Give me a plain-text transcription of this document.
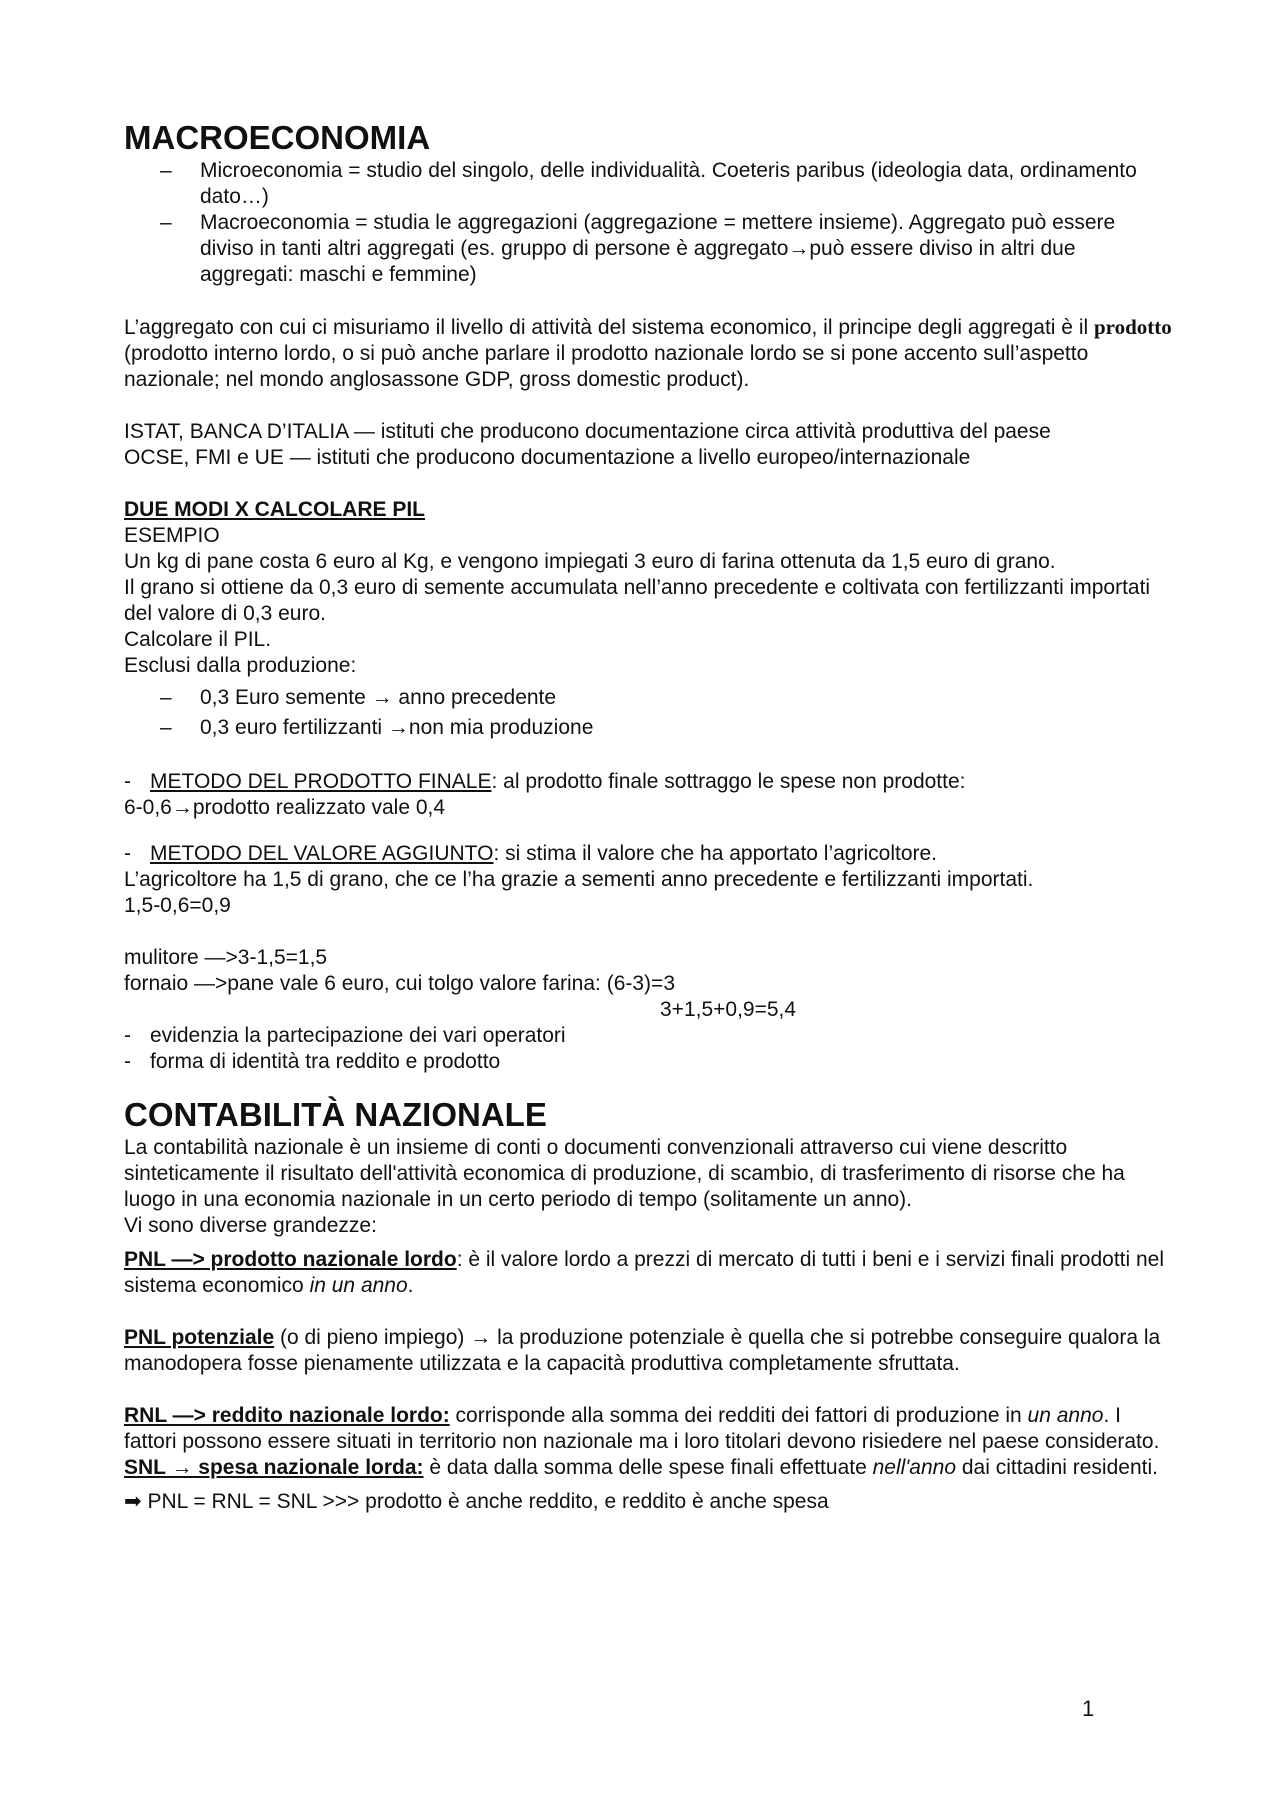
MACROECONOMIA
– Microeconomia = studio del singolo, delle individualità. Coeteris paribus (ideologia data, ordinamento dato…)
– Macroeconomia = studia le aggregazioni (aggregazione = mettere insieme). Aggregato può essere diviso in tanti altri aggregati (es. gruppo di persone è aggregato→può essere diviso in altri due aggregati: maschi e femmine)

L’aggregato con cui ci misuriamo il livello di attività del sistema economico, il principe degli aggregati è il prodotto (prodotto interno lordo, o si può anche parlare il prodotto nazionale lordo se si pone accento sull’aspetto nazionale; nel mondo anglosassone GDP, gross domestic product).

ISTAT, BANCA D’ITALIA — istituti che producono documentazione circa attività produttiva del paese

OCSE, FMI e UE — istituti che producono documentazione a livello europeo/internazionale

DUE MODI X CALCOLARE PIL

ESEMPIO

Un kg di pane costa 6 euro al Kg, e vengono impiegati 3 euro di farina ottenuta da 1,5 euro di grano.

Il grano si ottiene da 0,3 euro di semente accumulata nell’anno precedente e coltivata con fertilizzanti importati del valore di 0,3 euro.

Calcolare il PIL.

Esclusi dalla produzione:

– 0,3 Euro semente → anno precedente
– 0,3 euro fertilizzanti →non mia produzione
- METODO DEL PRODOTTO FINALE: al prodotto finale sottraggo le spese non prodotte:

6-0,6→prodotto realizzato vale 0,4

- METODO DEL VALORE AGGIUNTO: si stima il valore che ha apportato l’agricoltore.

L’agricoltore ha 1,5 di grano, che ce l’ha grazie a sementi anno precedente e fertilizzanti importati.

1,5-0,6=0,9

mulitore —>3-1,5=1,5

fornaio —>pane vale 6 euro, cui tolgo valore farina: (6-3)=3

3+1,5+0,9=5,4

- evidenzia la partecipazione dei vari operatori
- forma di identità tra reddito e prodotto
CONTABILITÀ NAZIONALE

La contabilità nazionale è un insieme di conti o documenti convenzionali attraverso cui viene descritto sinteticamente il risultato dell'attività economica di produzione, di scambio, di trasferimento di risorse che ha luogo in una economia nazionale in un certo periodo di tempo (solitamente un anno).

Vi sono diverse grandezze:

PNL —> prodotto nazionale lordo: è il valore lordo a prezzi di mercato di tutti i beni e i servizi finali prodotti nel sistema economico in un anno.

PNL potenziale (o di pieno impiego) → la produzione potenziale è quella che si potrebbe conseguire qualora la manodopera fosse pienamente utilizzata e la capacità produttiva completamente sfruttata.

RNL —> reddito nazionale lordo: corrisponde alla somma dei redditi dei fattori di produzione in un anno. I fattori possono essere situati in territorio non nazionale ma i loro titolari devono risiedere nel paese considerato.

SNL → spesa nazionale lorda: è data dalla somma delle spese finali effettuate nell'anno dai cittadini residenti.

➡ PNL = RNL = SNL >>> prodotto è anche reddito, e reddito è anche spesa

1
